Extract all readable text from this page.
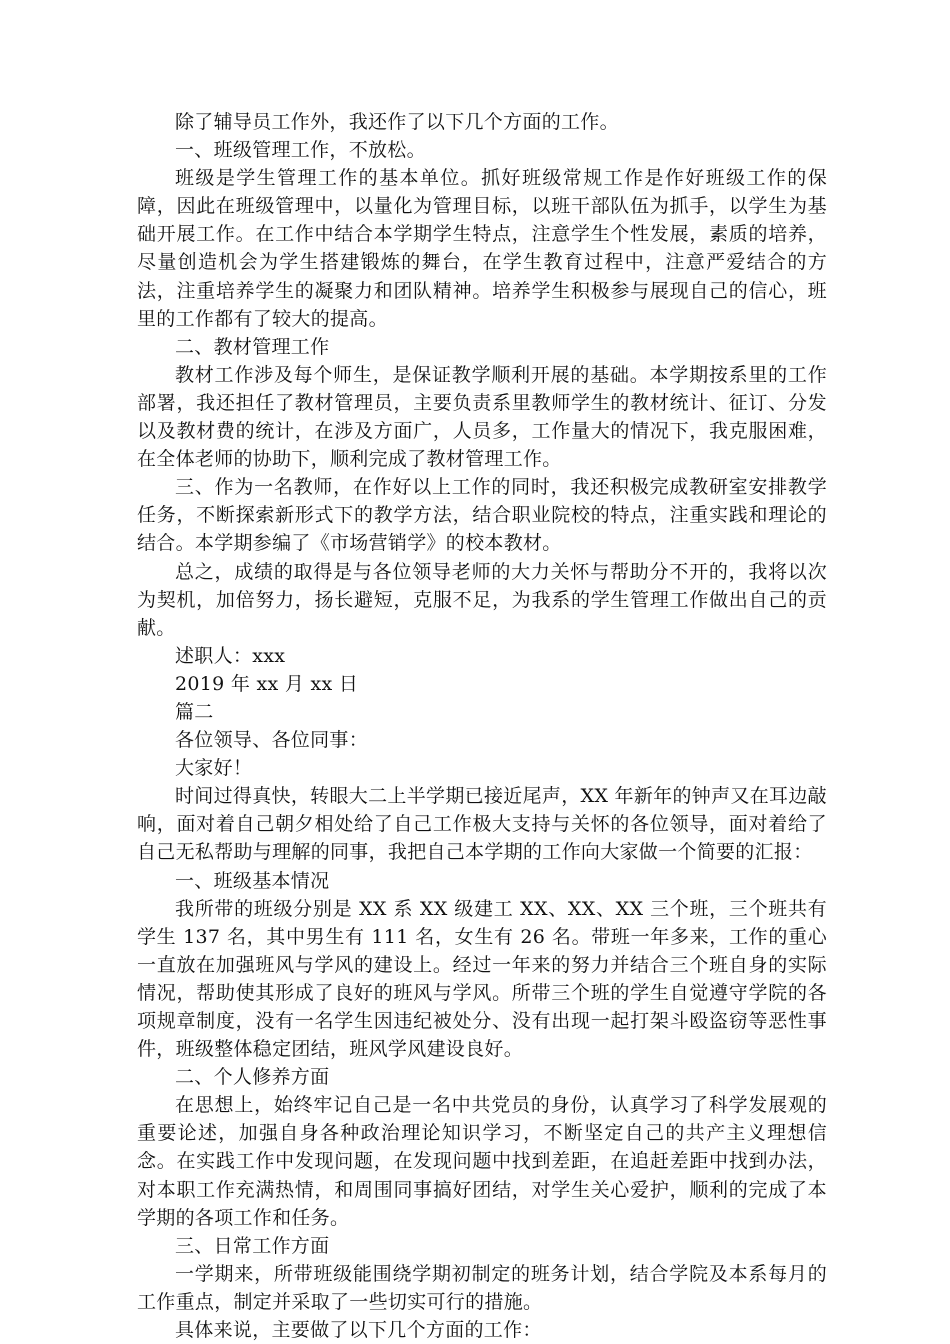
除了辅导员工作外，我还作了以下几个方面的工作。

一、班级管理工作，不放松。

班级是学生管理工作的基本单位。抓好班级常规工作是作好班级工作的保障，因此在班级管理中，以量化为管理目标，以班干部队伍为抓手，以学生为基础开展工作。在工作中结合本学期学生特点，注意学生个性发展，素质的培养，尽量创造机会为学生搭建锻炼的舞台，在学生教育过程中，注意严爱结合的方法，注重培养学生的凝聚力和团队精神。培养学生积极参与展现自己的信心，班里的工作都有了较大的提高。

二、教材管理工作

教材工作涉及每个师生，是保证教学顺利开展的基础。本学期按系里的工作部署，我还担任了教材管理员，主要负责系里教师学生的教材统计、征订、分发以及教材费的统计，在涉及方面广，人员多，工作量大的情况下，我克服困难，在全体老师的协助下，顺利完成了教材管理工作。

三、作为一名教师，在作好以上工作的同时，我还积极完成教研室安排教学任务，不断探索新形式下的教学方法，结合职业院校的特点，注重实践和理论的结合。本学期参编了《市场营销学》的校本教材。

总之，成绩的取得是与各位领导老师的大力关怀与帮助分不开的，我将以次为契机，加倍努力，扬长避短，克服不足，为我系的学生管理工作做出自己的贡献。

述职人：xxx

2019 年 xx 月 xx 日

篇二

各位领导、各位同事：

大家好！

时间过得真快，转眼大二上半学期已接近尾声，XX 年新年的钟声又在耳边敲响，面对着自己朝夕相处给了自己工作极大支持与关怀的各位领导，面对着给了自己无私帮助与理解的同事，我把自己本学期的工作向大家做一个简要的汇报：

一、班级基本情况

我所带的班级分别是 XX 系 XX 级建工 XX、XX、XX 三个班，三个班共有学生 137 名，其中男生有 111 名，女生有 26 名。带班一年多来，工作的重心一直放在加强班风与学风的建设上。经过一年来的努力并结合三个班自身的实际情况，帮助使其形成了良好的班风与学风。所带三个班的学生自觉遵守学院的各项规章制度，没有一名学生因违纪被处分、没有出现一起打架斗殴盗窃等恶性事件，班级整体稳定团结，班风学风建设良好。

二、个人修养方面

在思想上，始终牢记自己是一名中共党员的身份，认真学习了科学发展观的重要论述，加强自身各种政治理论知识学习，不断坚定自己的共产主义理想信念。在实践工作中发现问题，在发现问题中找到差距，在追赶差距中找到办法，对本职工作充满热情，和周围同事搞好团结，对学生关心爱护，顺利的完成了本学期的各项工作和任务。

三、日常工作方面

一学期来，所带班级能围绕学期初制定的班务计划，结合学院及本系每月的工作重点，制定并采取了一些切实可行的措施。

具体来说，主要做了以下几个方面的工作：
